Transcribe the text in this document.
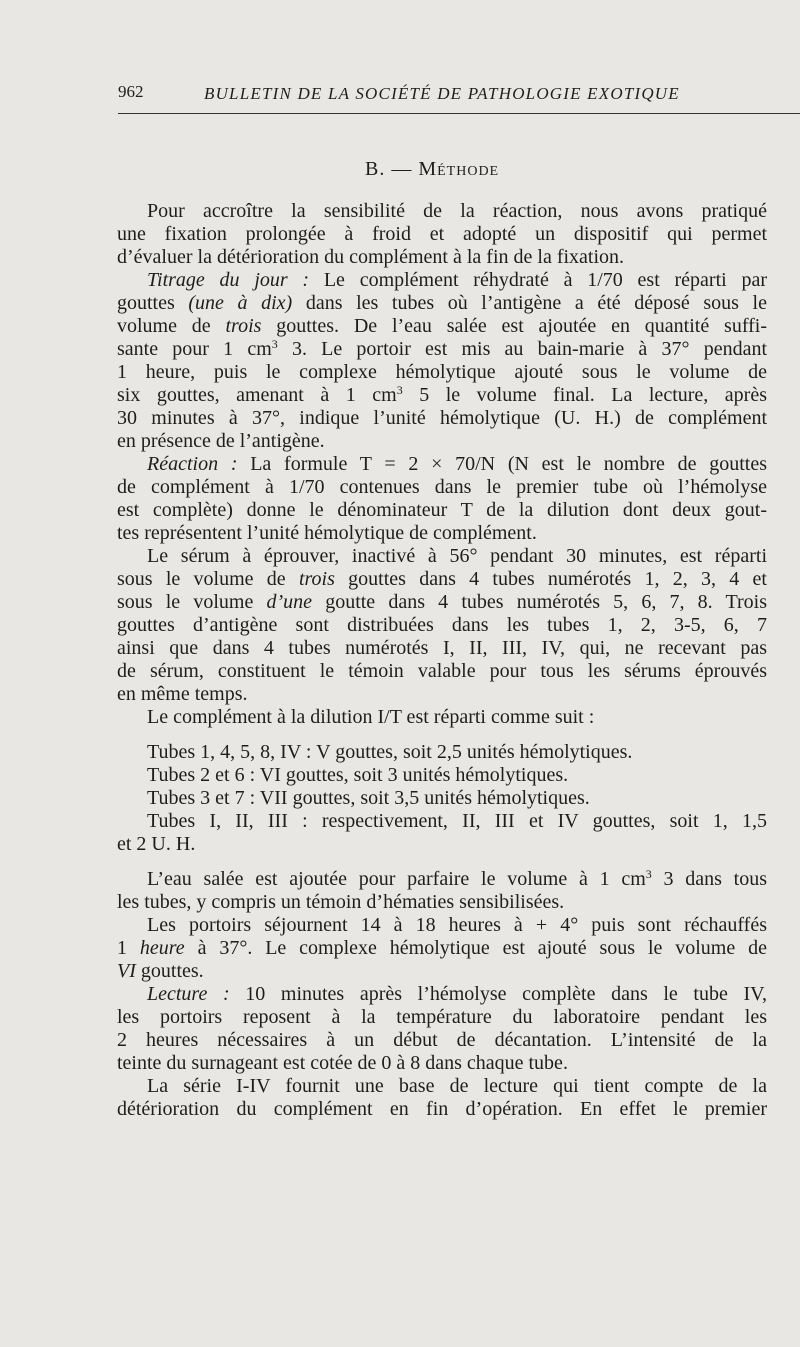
962	BULLETIN DE LA SOCIÉTÉ DE PATHOLOGIE EXOTIQUE
B. — Méthode
Pour accroître la sensibilité de la réaction, nous avons pratiqué
une fixation prolongée à froid et adopté un dispositif qui permet
d’évaluer la détérioration du complément à la fin de la fixation.
Titrage du jour : Le complément réhydraté à 1/70 est réparti par
gouttes (une à dix) dans les tubes où l’antigène a été déposé sous le
volume de trois gouttes. De l’eau salée est ajoutée en quantité suffi-
sante pour 1 $cm^3$ 3. Le portoir est mis au bain-marie à 37° pendant
1 heure, puis le complexe hémolytique ajouté sous le volume de
six gouttes, amenant à 1 $cm^3$ 5 le volume final. La lecture, après
30 minutes à 37°, indique l’unité hémolytique (U. H.) de complément
en présence de l’antigène.
Réaction : La formule T = 2 × 70/N (N est le nombre de gouttes
de complément à 1/70 contenues dans le premier tube où l’hémolyse
est complète) donne le dénominateur T de la dilution dont deux gout-
tes représentent l’unité hémolytique de complément.
Le sérum à éprouver, inactivé à 56° pendant 30 minutes, est réparti
sous le volume de trois gouttes dans 4 tubes numérotés 1, 2, 3, 4 et
sous le volume d’une goutte dans 4 tubes numérotés 5, 6, 7, 8. Trois
gouttes d’antigène sont distribuées dans les tubes 1, 2, 3-5, 6, 7
ainsi que dans 4 tubes numérotés I, II, III, IV, qui, ne recevant pas
de sérum, constituent le témoin valable pour tous les sérums éprouvés
en même temps.
Le complément à la dilution I/T est réparti comme suit :
Tubes 1, 4, 5, 8, IV : V gouttes, soit 2,5 unités hémolytiques.
Tubes 2 et 6 : VI gouttes, soit 3 unités hémolytiques.
Tubes 3 et 7 : VII gouttes, soit 3,5 unités hémolytiques.
Tubes I, II, III : respectivement, II, III et IV gouttes, soit 1, 1,5
et 2 U. H.
L’eau salée est ajoutée pour parfaire le volume à 1 $cm^3$ 3 dans tous
les tubes, y compris un témoin d’hématies sensibilisées.
Les portoirs séjournent 14 à 18 heures à + 4° puis sont réchauffés
1 heure à 37°. Le complexe hémolytique est ajouté sous le volume de
VI gouttes.
Lecture : 10 minutes après l’hémolyse complète dans le tube IV,
les portoirs reposent à la température du laboratoire pendant les
2 heures nécessaires à un début de décantation. L’intensité de la
teinte du surnageant est cotée de 0 à 8 dans chaque tube.
La série I-IV fournit une base de lecture qui tient compte de la
détérioration du complément en fin d’opération. En effet le premier
